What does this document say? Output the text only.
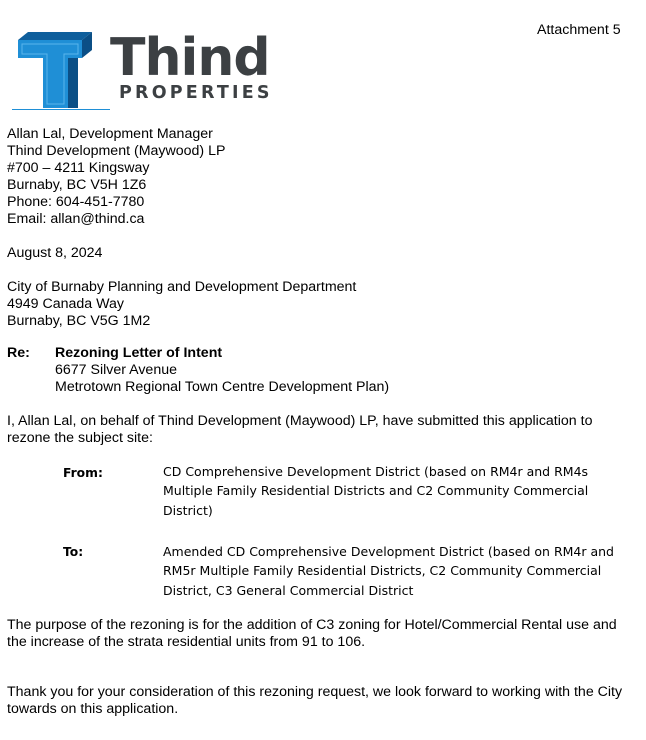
Attachment 5
Thind
PROPERTIES
Allan Lal, Development Manager
Thind Development (Maywood) LP
#700 – 4211 Kingsway
Burnaby, BC V5H 1Z6
Phone: 604-451-7780
Email: allan@thind.ca
August 8, 2024
City of Burnaby Planning and Development Department
4949 Canada Way
Burnaby, BC V5G 1M2
Re: Rezoning Letter of Intent
6677 Silver Avenue
Metrotown Regional Town Centre Development Plan)
I, Allan Lal, on behalf of Thind Development (Maywood) LP, have submitted this application to rezone the subject site:
From:	CD Comprehensive Development District (based on RM4r and RM4s Multiple Family Residential Districts and C2 Community Commercial District)
To:	Amended CD Comprehensive Development District (based on RM4r and RM5r Multiple Family Residential Districts, C2 Community Commercial District, C3 General Commercial District
The purpose of the rezoning is for the addition of C3 zoning for Hotel/Commercial Rental use and the increase of the strata residential units from 91 to 106.
Thank you for your consideration of this rezoning request, we look forward to working with the City towards on this application.
